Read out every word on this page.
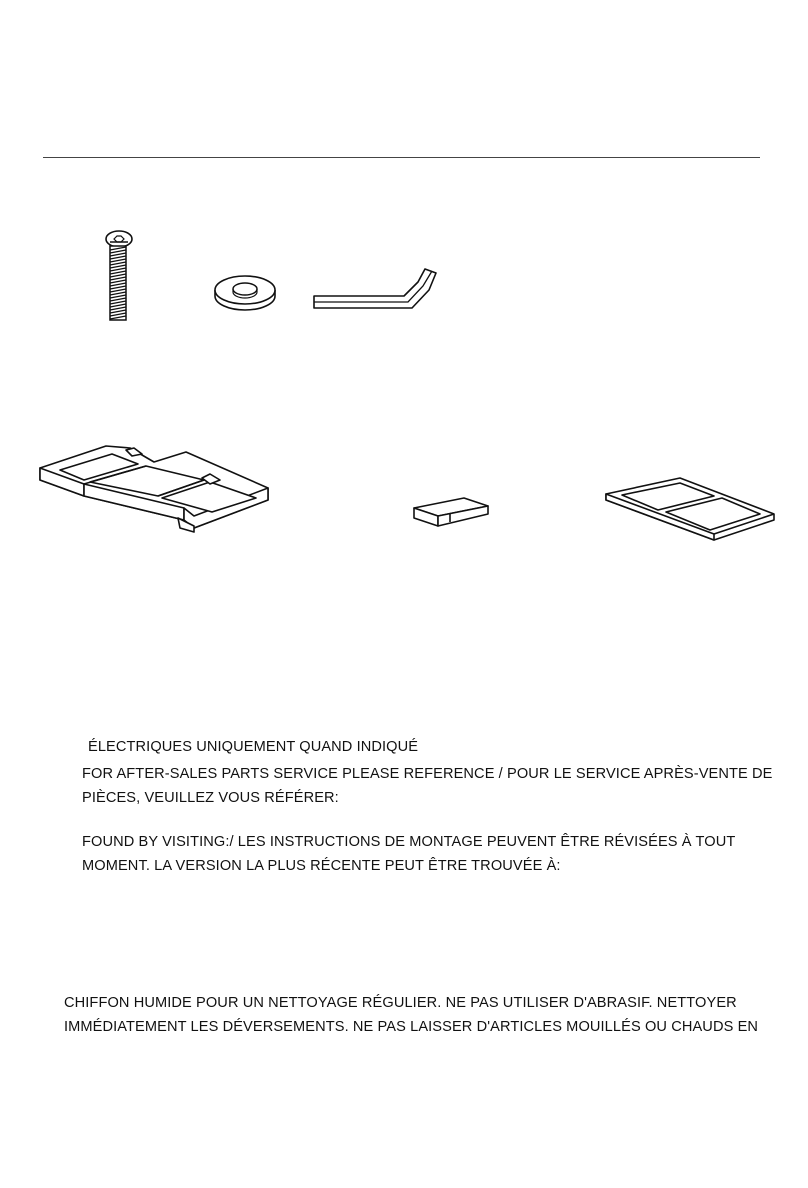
ÉLECTRIQUES UNIQUEMENT QUAND INDIQUÉ
FOR AFTER-SALES PARTS SERVICE PLEASE REFERENCE / POUR LE SERVICE APRÈS-VENTE DE
PIÈCES, VEUILLEZ VOUS RÉFÉRER:
FOUND BY VISITING:/ LES INSTRUCTIONS DE MONTAGE PEUVENT ÊTRE RÉVISÉES À TOUT
MOMENT. LA VERSION LA PLUS RÉCENTE PEUT ÊTRE TROUVÉE À:
CHIFFON HUMIDE POUR UN NETTOYAGE RÉGULIER. NE PAS UTILISER D'ABRASIF. NETTOYER
IMMÉDIATEMENT LES DÉVERSEMENTS. NE PAS LAISSER D'ARTICLES MOUILLÉS OU CHAUDS EN
